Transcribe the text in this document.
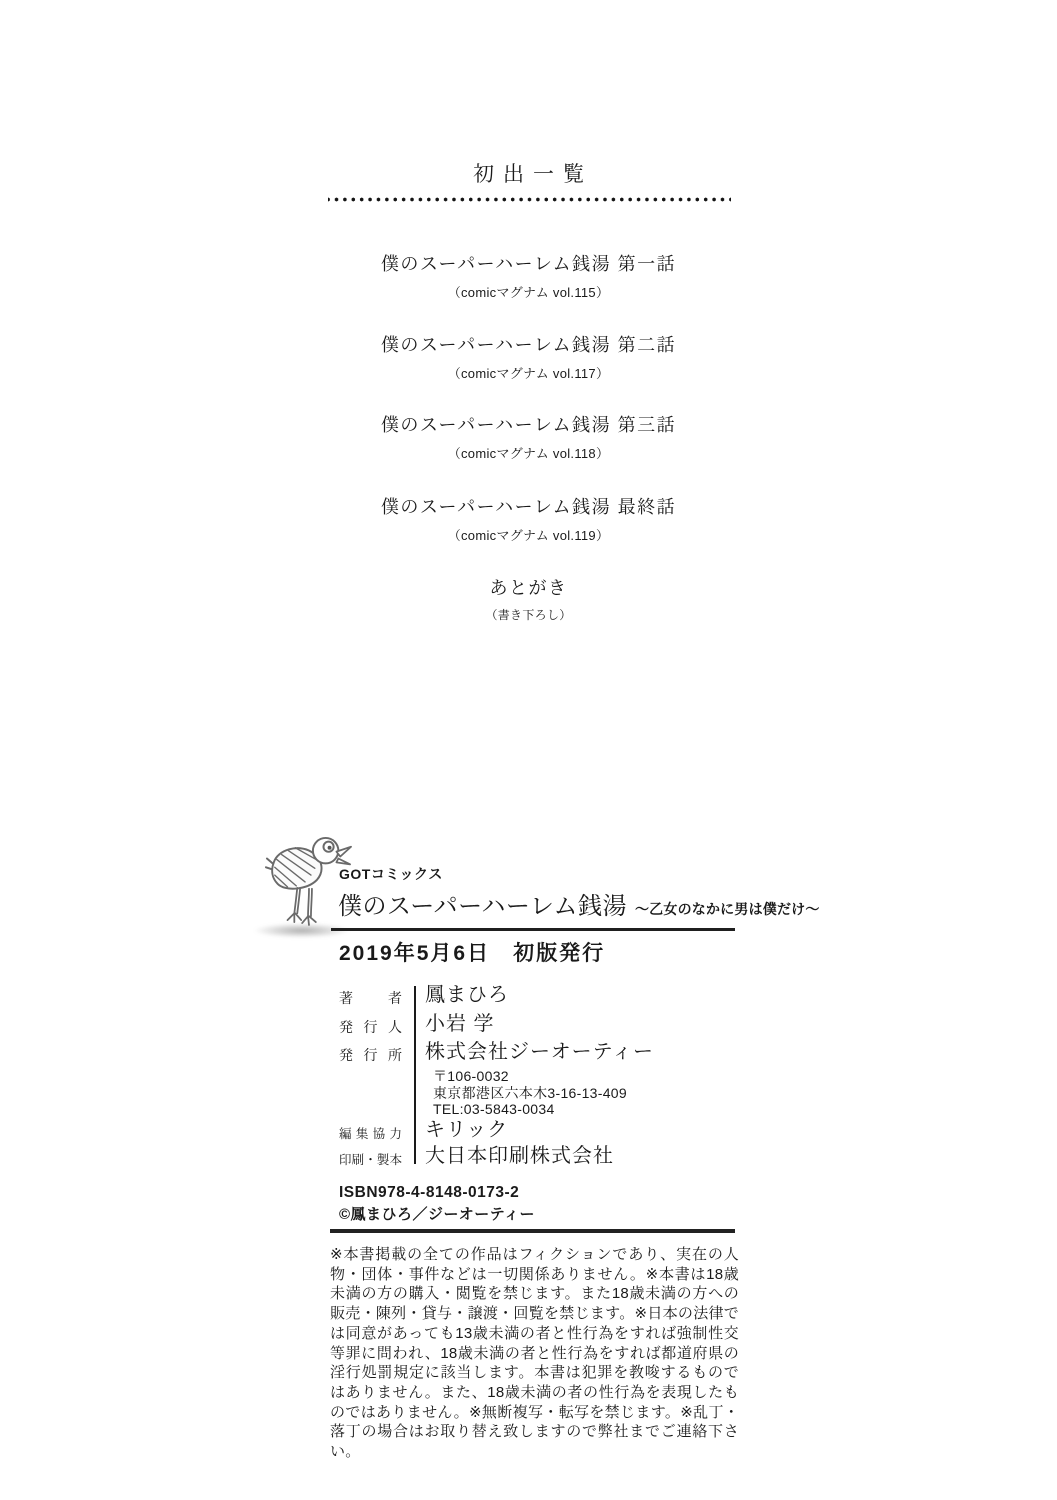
初出一覧
僕のスーパーハーレム銭湯 第一話
（comicマグナム vol.115）
僕のスーパーハーレム銭湯 第二話
（comicマグナム vol.117）
僕のスーパーハーレム銭湯 第三話
（comicマグナム vol.118）
僕のスーパーハーレム銭湯 最終話
（comicマグナム vol.119）
あとがき
（書き下ろし）
GOTコミックス
僕のスーパーハーレム銭湯 ～乙女のなかに男は僕だけ～
2019年5月6日　初版発行
著者 鳳まひろ
発行人 小岩 学
発行所 株式会社ジーオーティー
〒106-0032
東京都港区六本木3-16-13-409
TEL:03-5843-0034
編集協力 キリック
印刷・製本 大日本印刷株式会社
ISBN978-4-8148-0173-2
©鳳まひろ／ジーオーティー
※本書掲載の全ての作品はフィクションであり、実在の人物・団体・事件などは一切関係ありません。※本書は18歳未満の方の購入・閲覧を禁じます。また18歳未満の方への販売・陳列・貸与・譲渡・回覧を禁じます。※日本の法律では同意があっても13歳未満の者と性行為をすれば強制性交等罪に問われ、18歳未満の者と性行為をすれば都道府県の淫行処罰規定に該当します。本書は犯罪を教唆するものではありません。また、18歳未満の者の性行為を表現したものではありません。※無断複写・転写を禁じます。※乱丁・落丁の場合はお取り替え致しますので弊社までご連絡下さい。
